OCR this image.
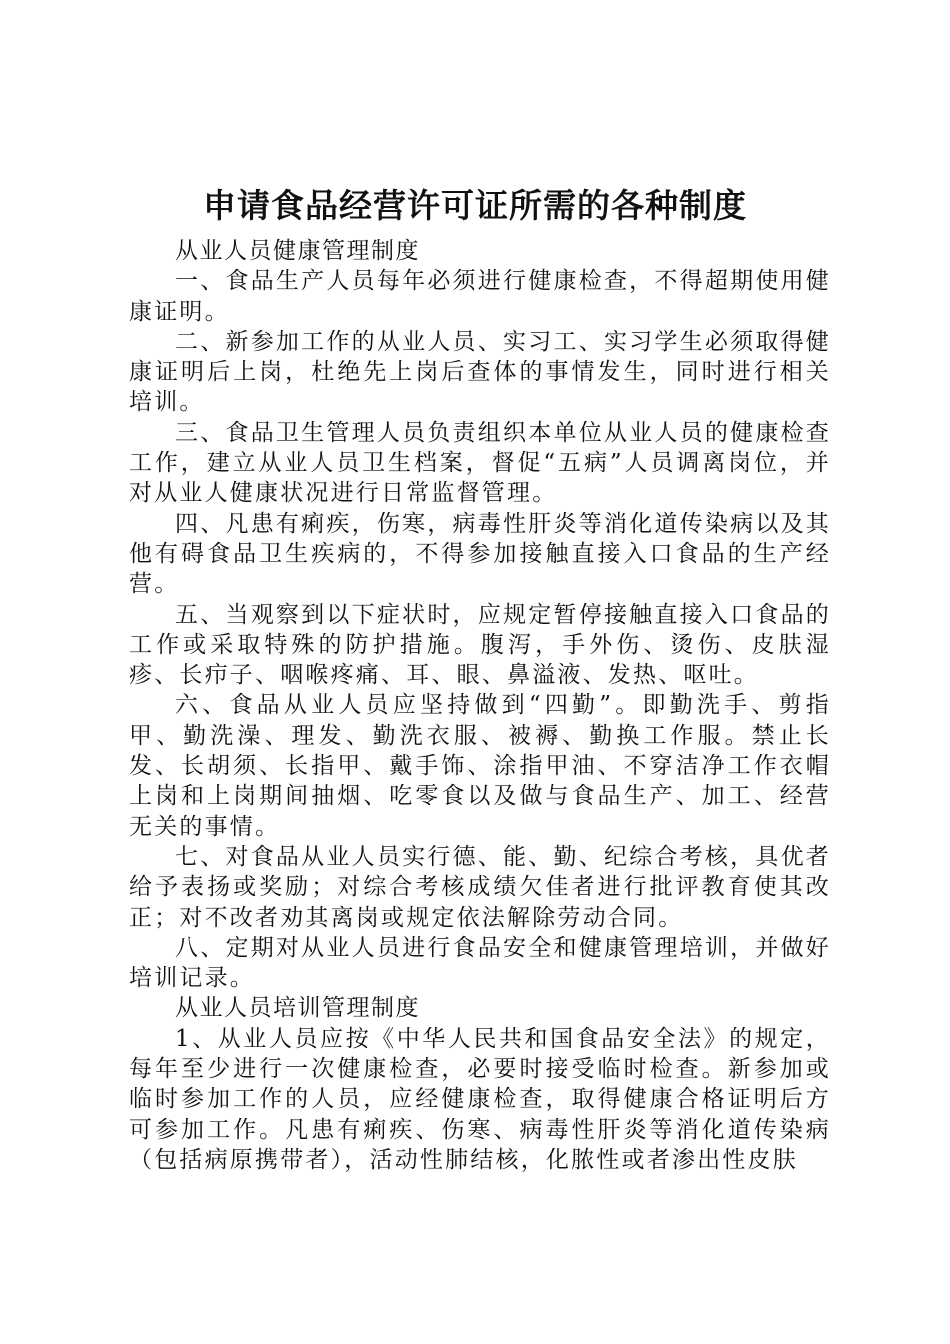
申请食品经营许可证所需的各种制度

从业人员健康管理制度

一、食品生产人员每年必须进行健康检查，不得超期使用健康证明。

二、新参加工作的从业人员、实习工、实习学生必须取得健康证明后上岗，杜绝先上岗后查体的事情发生，同时进行相关培训。

三、食品卫生管理人员负责组织本单位从业人员的健康检查工作，建立从业人员卫生档案，督促“五病”人员调离岗位，并对从业人健康状况进行日常监督管理。

四、凡患有痢疾，伤寒，病毒性肝炎等消化道传染病以及其他有碍食品卫生疾病的，不得参加接触直接入口食品的生产经营。

五、当观察到以下症状时，应规定暂停接触直接入口食品的工作或采取特殊的防护措施。腹泻，手外伤、烫伤、皮肤湿疹、长疖子、咽喉疼痛、耳、眼、鼻溢液、发热、呕吐。

六、食品从业人员应坚持做到“四勤”。即勤洗手、剪指甲、勤洗澡、理发、勤洗衣服、被褥、勤换工作服。禁止长发、长胡须、长指甲、戴手饰、涂指甲油、不穿洁净工作衣帽上岗和上岗期间抽烟、吃零食以及做与食品生产、加工、经营无关的事情。

七、对食品从业人员实行德、能、勤、纪综合考核，具优者给予表扬或奖励；对综合考核成绩欠佳者进行批评教育使其改正；对不改者劝其离岗或规定依法解除劳动合同。

八、定期对从业人员进行食品安全和健康管理培训，并做好培训记录。

从业人员培训管理制度

1、从业人员应按《中华人民共和国食品安全法》的规定，每年至少进行一次健康检查，必要时接受临时检查。新参加或临时参加工作的人员，应经健康检查，取得健康合格证明后方可参加工作。凡患有痢疾、伤寒、病毒性肝炎等消化道传染病（包括病原携带者），活动性肺结核，化脓性或者渗出性皮肤
